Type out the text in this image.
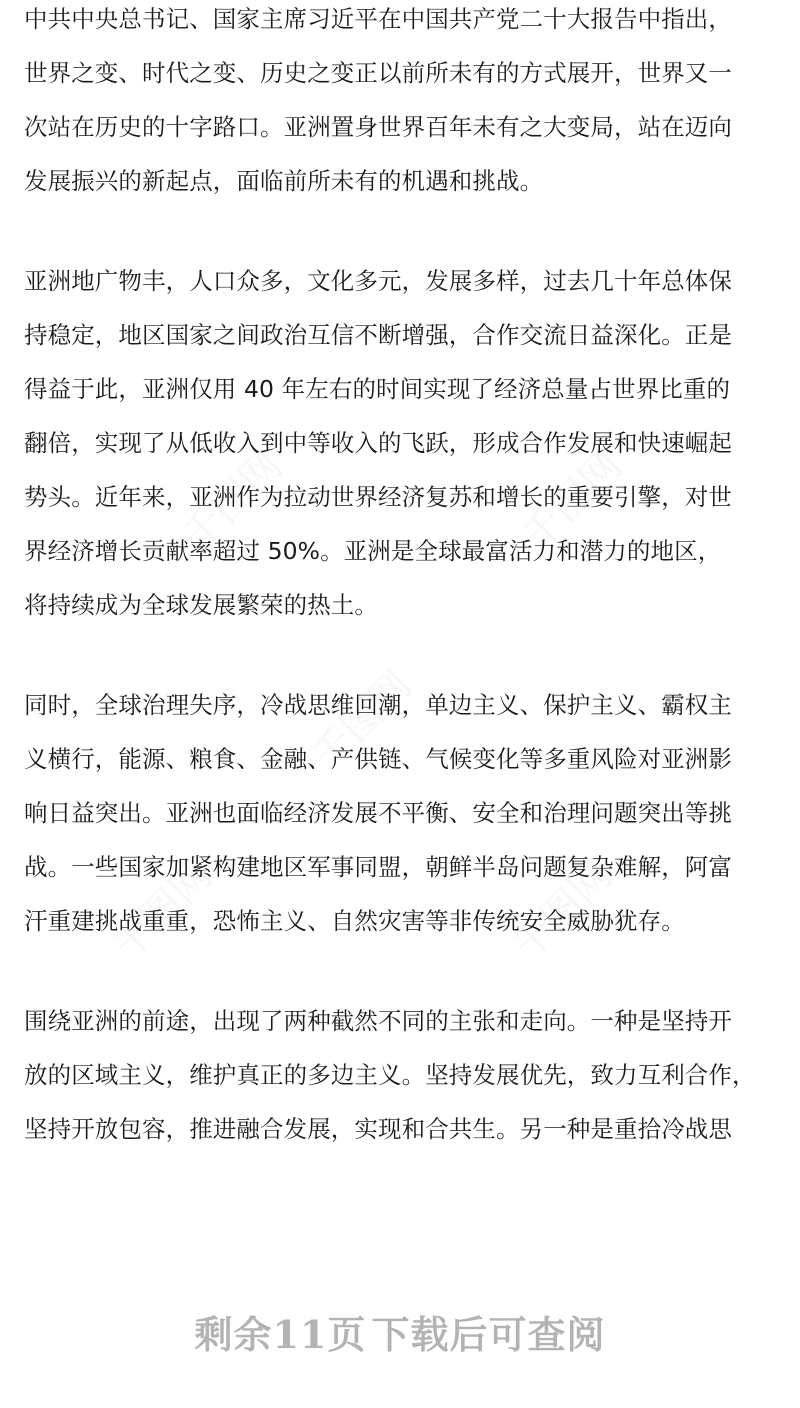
千图网	千图网
千图网
千图网	千图网

中共中央总书记、国家主席习近平在中国共产党二十大报告中指出，
世界之变、时代之变、历史之变正以前所未有的方式展开，世界又一
次站在历史的十字路口。亚洲置身世界百年未有之大变局，站在迈向
发展振兴的新起点，面临前所未有的机遇和挑战。

亚洲地广物丰，人口众多，文化多元，发展多样，过去几十年总体保
持稳定，地区国家之间政治互信不断增强，合作交流日益深化。正是
得益于此，亚洲仅用 40 年左右的时间实现了经济总量占世界比重的
翻倍，实现了从低收入到中等收入的飞跃，形成合作发展和快速崛起
势头。近年来，亚洲作为拉动世界经济复苏和增长的重要引擎，对世
界经济增长贡献率超过 50%。亚洲是全球最富活力和潜力的地区，
将持续成为全球发展繁荣的热土。

同时，全球治理失序，冷战思维回潮，单边主义、保护主义、霸权主
义横行，能源、粮食、金融、产供链、气候变化等多重风险对亚洲影
响日益突出。亚洲也面临经济发展不平衡、安全和治理问题突出等挑
战。一些国家加紧构建地区军事同盟，朝鲜半岛问题复杂难解，阿富
汗重建挑战重重，恐怖主义、自然灾害等非传统安全威胁犹存。

围绕亚洲的前途，出现了两种截然不同的主张和走向。一种是坚持开
放的区域主义，维护真正的多边主义。坚持发展优先，致力互利合作，
坚持开放包容，推进融合发展，实现和合共生。另一种是重拾冷战思

剩余11页 下载后可查阅
